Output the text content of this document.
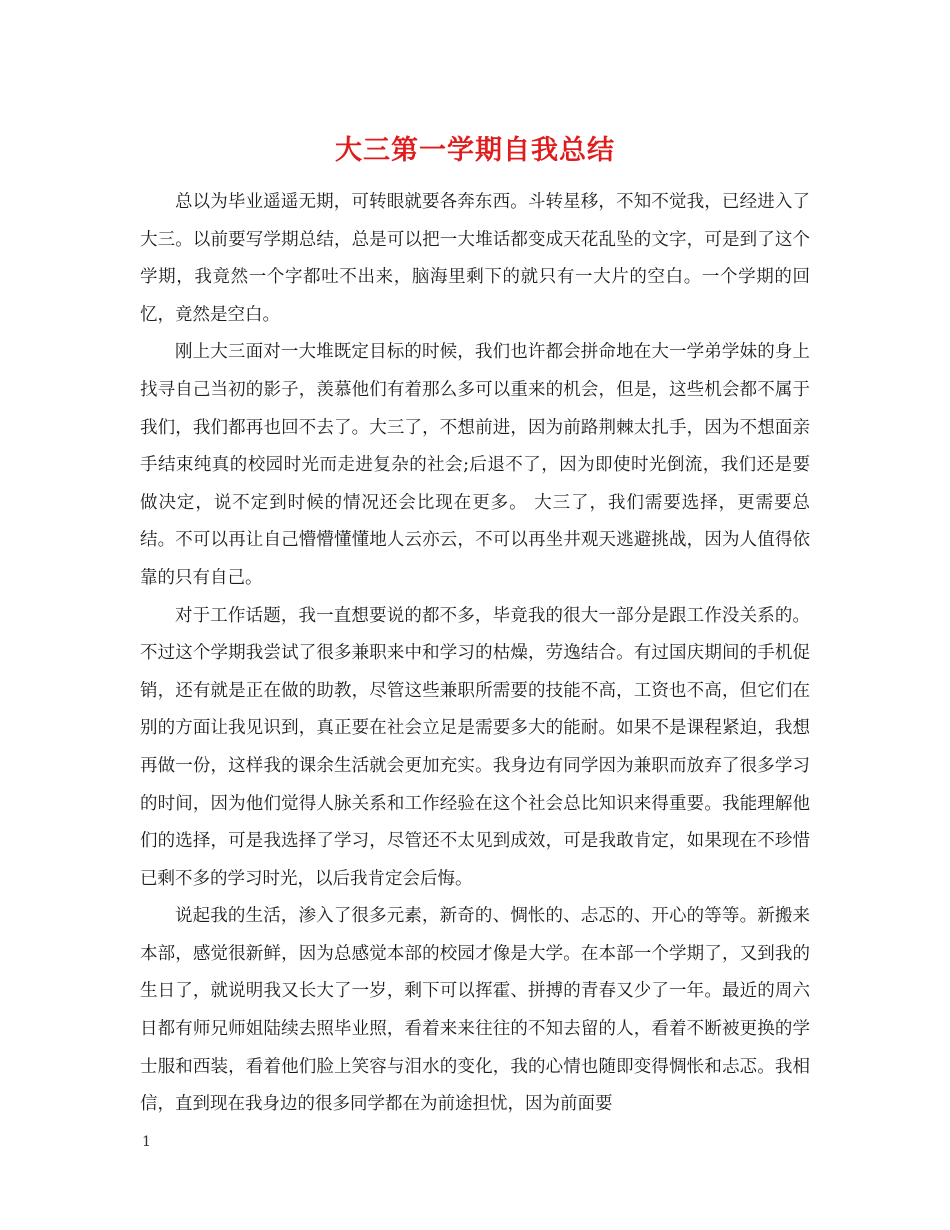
大三第一学期自我总结

总以为毕业遥遥无期，可转眼就要各奔东西。斗转星移，不知不觉我，已经进入了大三。以前要写学期总结，总是可以把一大堆话都变成天花乱坠的文字，可是到了这个学期，我竟然一个字都吐不出来，脑海里剩下的就只有一大片的空白。一个学期的回忆，竟然是空白。

刚上大三面对一大堆既定目标的时候，我们也许都会拼命地在大一学弟学妹的身上找寻自己当初的影子，羡慕他们有着那么多可以重来的机会，但是，这些机会都不属于我们，我们都再也回不去了。大三了，不想前进，因为前路荆棘太扎手，因为不想面亲手结束纯真的校园时光而走进复杂的社会;后退不了，因为即使时光倒流，我们还是要做决定，说不定到时候的情况还会比现在更多。 大三了，我们需要选择，更需要总结。不可以再让自己懵懵懂懂地人云亦云，不可以再坐井观天逃避挑战，因为人值得依靠的只有自己。

对于工作话题，我一直想要说的都不多，毕竟我的很大一部分是跟工作没关系的。不过这个学期我尝试了很多兼职来中和学习的枯燥，劳逸结合。有过国庆期间的手机促销，还有就是正在做的助教，尽管这些兼职所需要的技能不高，工资也不高，但它们在别的方面让我见识到，真正要在社会立足是需要多大的能耐。如果不是课程紧迫，我想再做一份，这样我的课余生活就会更加充实。我身边有同学因为兼职而放弃了很多学习的时间，因为他们觉得人脉关系和工作经验在这个社会总比知识来得重要。我能理解他们的选择，可是我选择了学习，尽管还不太见到成效，可是我敢肯定，如果现在不珍惜已剩不多的学习时光，以后我肯定会后悔。

说起我的生活，渗入了很多元素，新奇的、惆怅的、忐忑的、开心的等等。新搬来本部，感觉很新鲜，因为总感觉本部的校园才像是大学。在本部一个学期了，又到我的生日了，就说明我又长大了一岁，剩下可以挥霍、拼搏的青春又少了一年。最近的周六日都有师兄师姐陆续去照毕业照，看着来来往往的不知去留的人，看着不断被更换的学士服和西装，看着他们脸上笑容与泪水的变化，我的心情也随即变得惆怅和忐忑。我相信，直到现在我身边的很多同学都在为前途担忧，因为前面要

1
